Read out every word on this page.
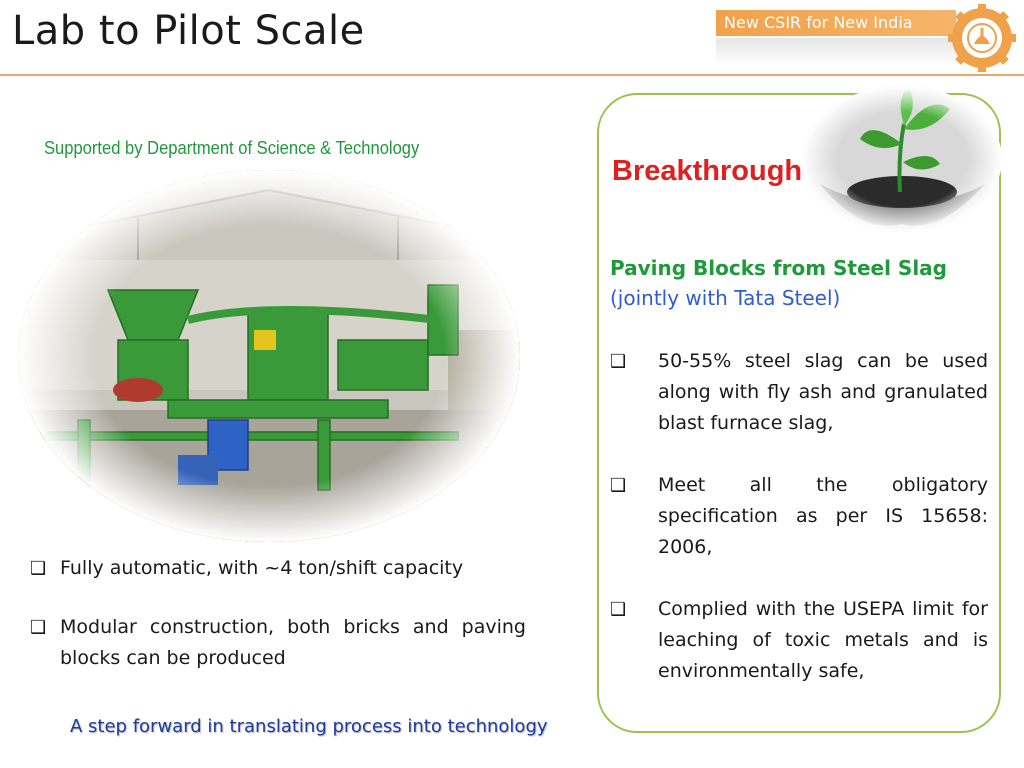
Lab to Pilot Scale	New CSIR for New India
Supported by Department of Science & Technology
❑ Fully automatic, with ~4 ton/shift capacity
❑ Modular construction, both bricks and paving blocks can be produced
A step forward in translating process into technology
Breakthrough
Paving Blocks from Steel Slag
(jointly with Tata Steel)
❑	50-55% steel slag can be used along with fly ash and granulated blast furnace slag,
❑	Meet all the obligatory specification as per IS 15658: 2006,
❑	Complied with the USEPA limit for leaching of toxic metals and is environmentally safe,
